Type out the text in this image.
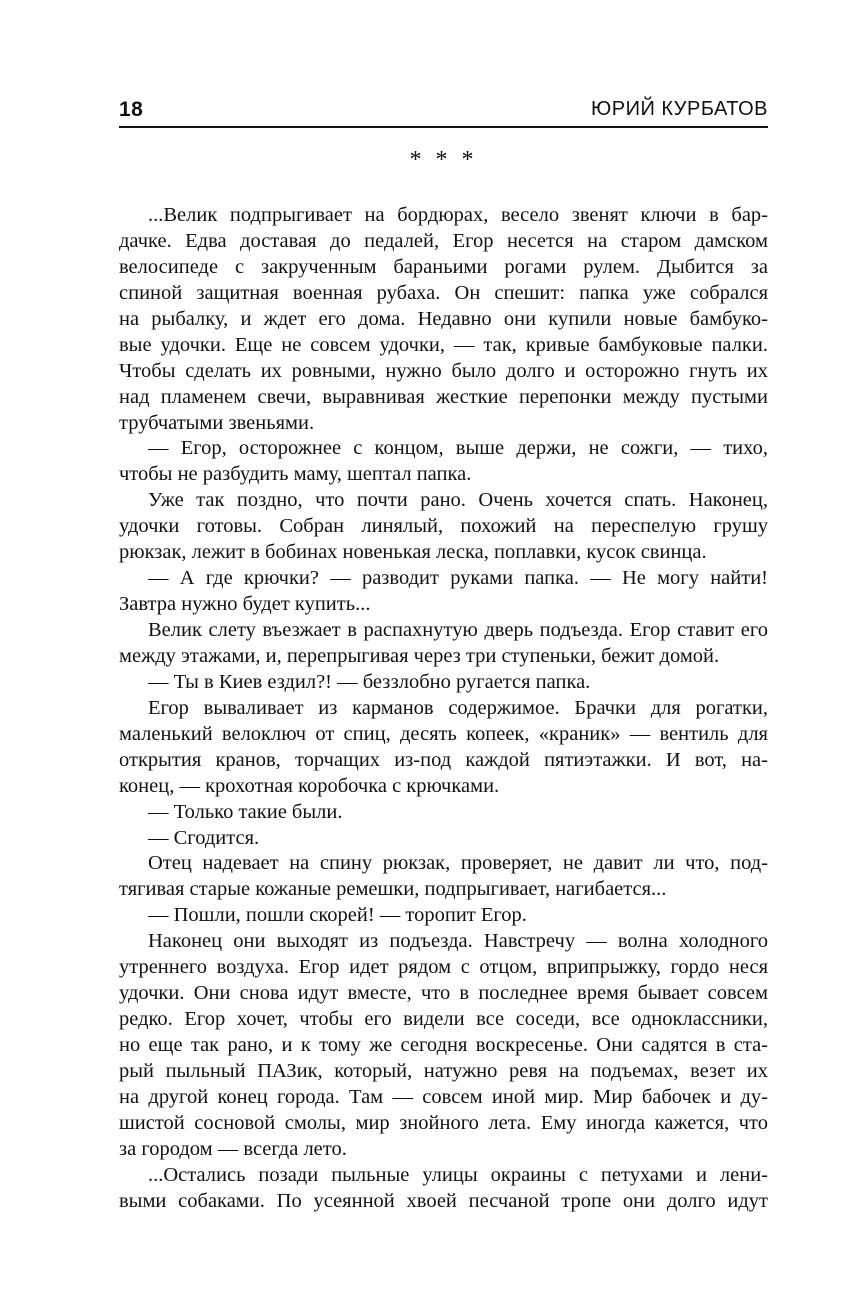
18	ЮРИЙ КУРБАТОВ
* * *
...Велик подпрыгивает на бордюрах, весело звенят ключи в бар-
дачке. Едва доставая до педалей, Егор несется на старом дамском
велосипеде с закрученным бараньими рогами рулем. Дыбится за
спиной защитная военная рубаха. Он спешит: папка уже собрался
на рыбалку, и ждет его дома. Недавно они купили новые бамбуко-
вые удочки. Еще не совсем удочки, — так, кривые бамбуковые палки.
Чтобы сделать их ровными, нужно было долго и осторожно гнуть их
над пламенем свечи, выравнивая жесткие перепонки между пустыми
трубчатыми звеньями.
— Егор, осторожнее с концом, выше держи, не сожги, — тихо,
чтобы не разбудить маму, шептал папка.
Уже так поздно, что почти рано. Очень хочется спать. Наконец,
удочки готовы. Собран линялый, похожий на переспелую грушу
рюкзак, лежит в бобинах новенькая леска, поплавки, кусок свинца.
— А где крючки? — разводит руками папка. — Не могу найти!
Завтра нужно будет купить...
Велик слету въезжает в распахнутую дверь подъезда. Егор ставит его
между этажами, и, перепрыгивая через три ступеньки, бежит домой.
— Ты в Киев ездил?! — беззлобно ругается папка.
Егор вываливает из карманов содержимое. Брачки для рогатки,
маленький велоключ от спиц, десять копеек, «краник» — вентиль для
открытия кранов, торчащих из-под каждой пятиэтажки. И вот, на-
конец, — крохотная коробочка с крючками.
— Только такие были.
— Сгодится.
Отец надевает на спину рюкзак, проверяет, не давит ли что, под-
тягивая старые кожаные ремешки, подпрыгивает, нагибается...
— Пошли, пошли скорей! — торопит Егор.
Наконец они выходят из подъезда. Навстречу — волна холодного
утреннего воздуха. Егор идет рядом с отцом, вприпрыжку, гордо неся
удочки. Они снова идут вместе, что в последнее время бывает совсем
редко. Егор хочет, чтобы его видели все соседи, все одноклассники,
но еще так рано, и к тому же сегодня воскресенье. Они садятся в ста-
рый пыльный ПАЗик, который, натужно ревя на подъемах, везет их
на другой конец города. Там — совсем иной мир. Мир бабочек и ду-
шистой сосновой смолы, мир знойного лета. Ему иногда кажется, что
за городом — всегда лето.
...Остались позади пыльные улицы окраины с петухами и лени-
выми собаками. По усеянной хвоей песчаной тропе они долго идут
